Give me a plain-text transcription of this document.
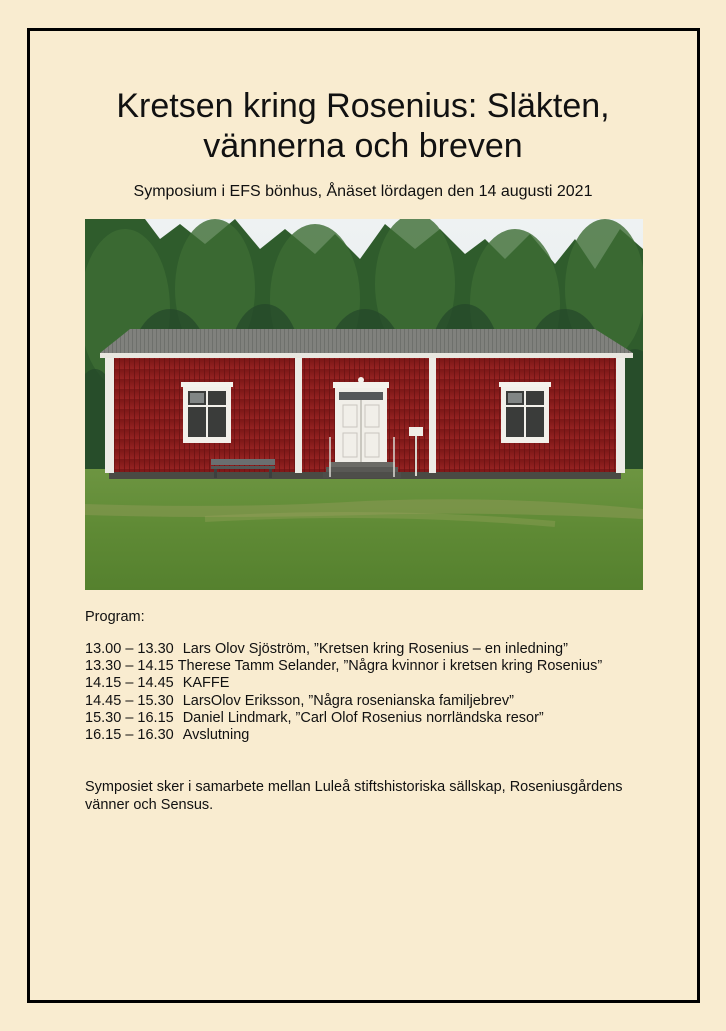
Kretsen kring Rosenius: Släkten,
vännerna och breven

Symposium i EFS bönhus, Ånäset lördagen den 14 augusti 2021

Program:

13.00 – 13.30 Lars Olov Sjöström, ”Kretsen kring Rosenius – en inledning”
13.30 – 14.15 Therese Tamm Selander, ”Några kvinnor i kretsen kring Rosenius”
14.15 – 14.45 KAFFE
14.45 – 15.30 LarsOlov Eriksson, ”Några rosenianska familjebrev”
15.30 – 16.15 Daniel Lindmark, ”Carl Olof Rosenius norrländska resor”
16.15 – 16.30 Avslutning

Symposiet sker i samarbete mellan Luleå stiftshistoriska sällskap, Roseniusgårdens
vänner och Sensus.
